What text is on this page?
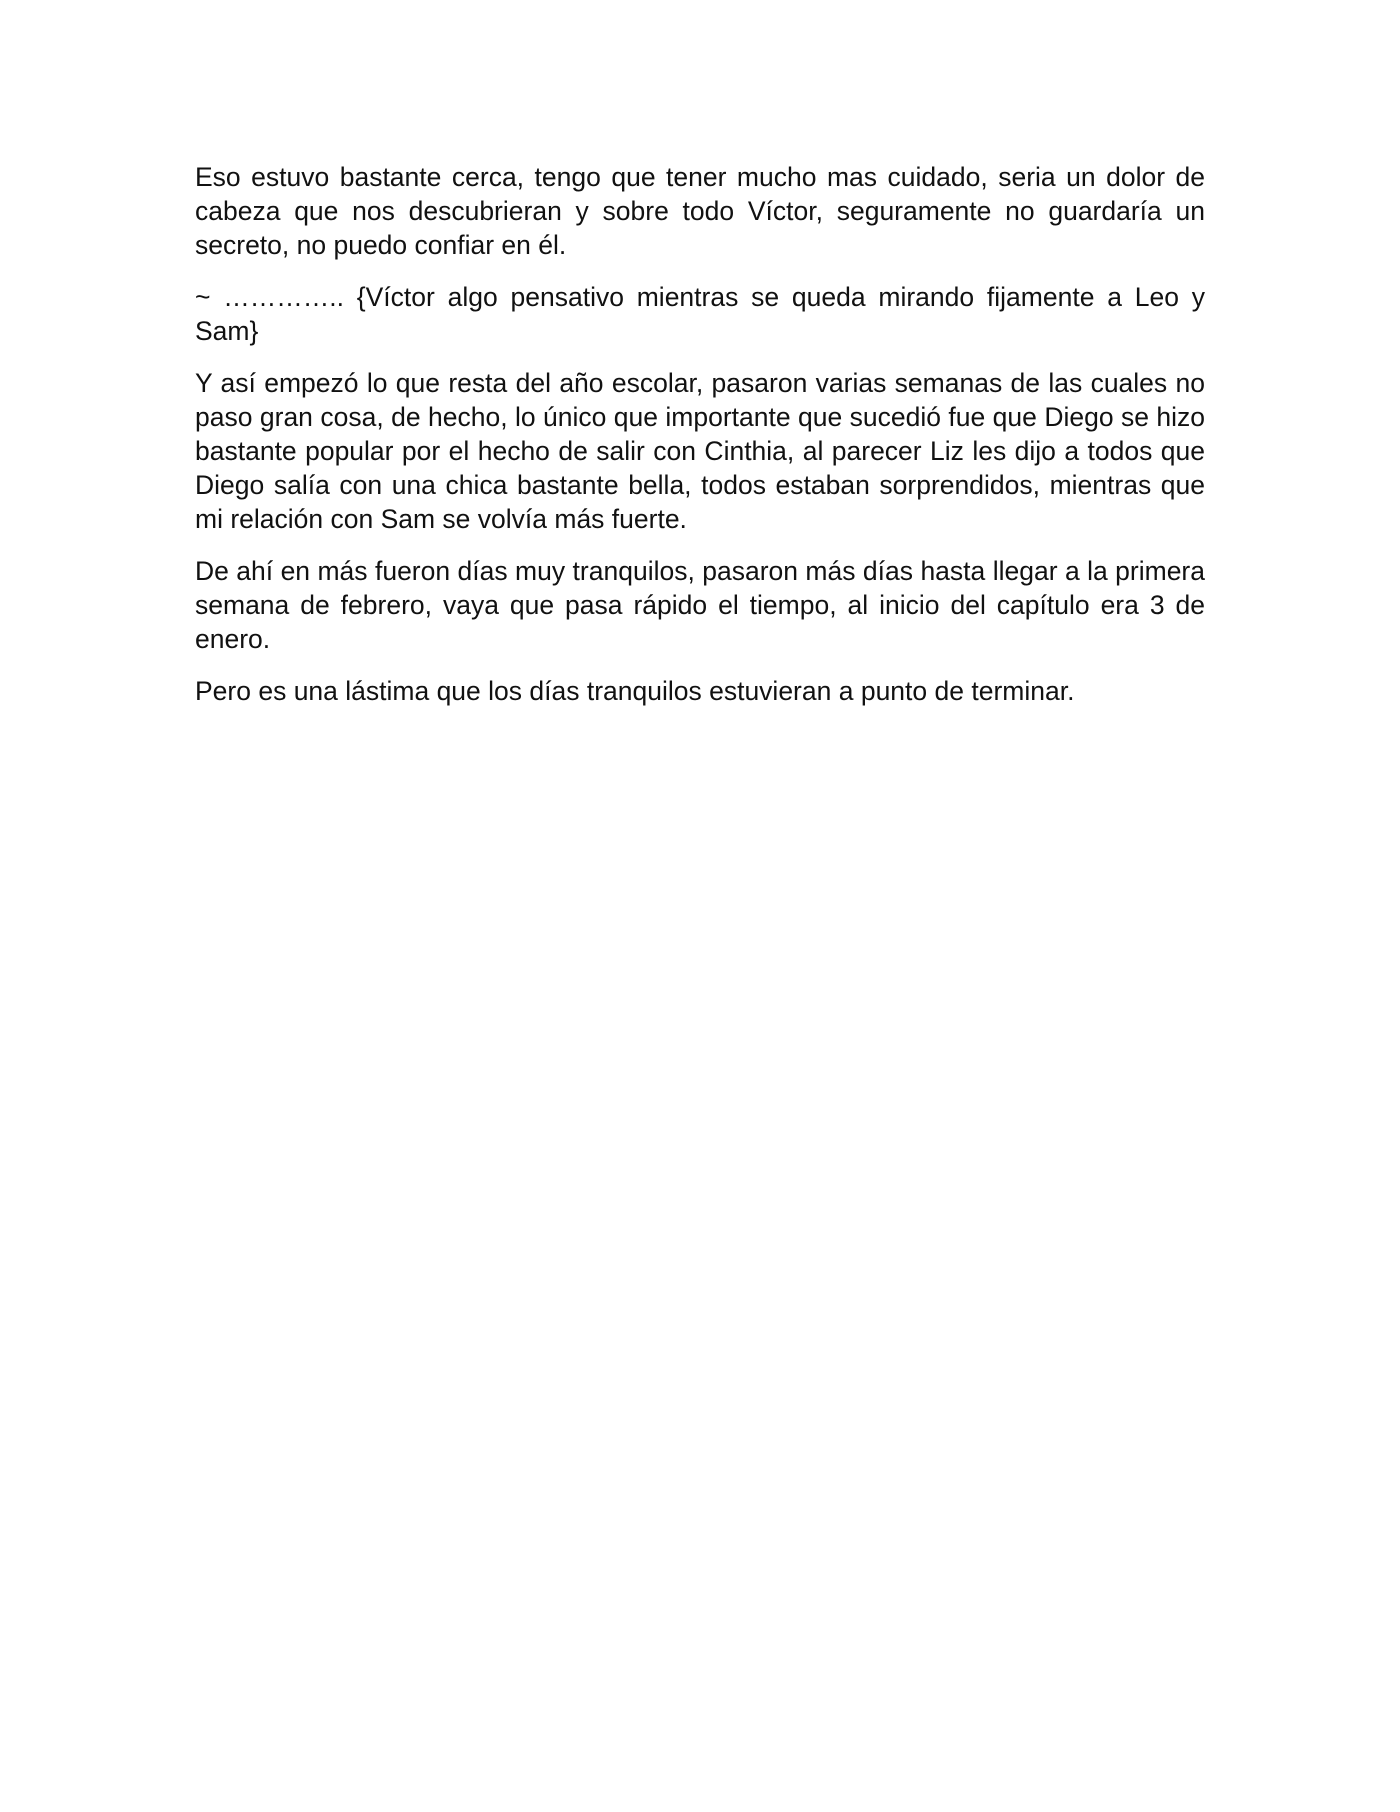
Eso estuvo bastante cerca, tengo que tener mucho mas cuidado, seria un dolor de cabeza que nos descubrieran y sobre todo Víctor, seguramente no guardaría un secreto, no puedo confiar en él.

~ ………….. {Víctor algo pensativo mientras se queda mirando fijamente a Leo y Sam}

Y así empezó lo que resta del año escolar, pasaron varias semanas de las cuales no paso gran cosa, de hecho, lo único que importante que sucedió fue que Diego se hizo bastante popular por el hecho de salir con Cinthia, al parecer Liz les dijo a todos que Diego salía con una chica bastante bella, todos estaban sorprendidos, mientras que mi relación con Sam se volvía más fuerte.

De ahí en más fueron días muy tranquilos, pasaron más días hasta llegar a la primera semana de febrero, vaya que pasa rápido el tiempo, al inicio del capítulo era 3 de enero.

Pero es una lástima que los días tranquilos estuvieran a punto de terminar.
